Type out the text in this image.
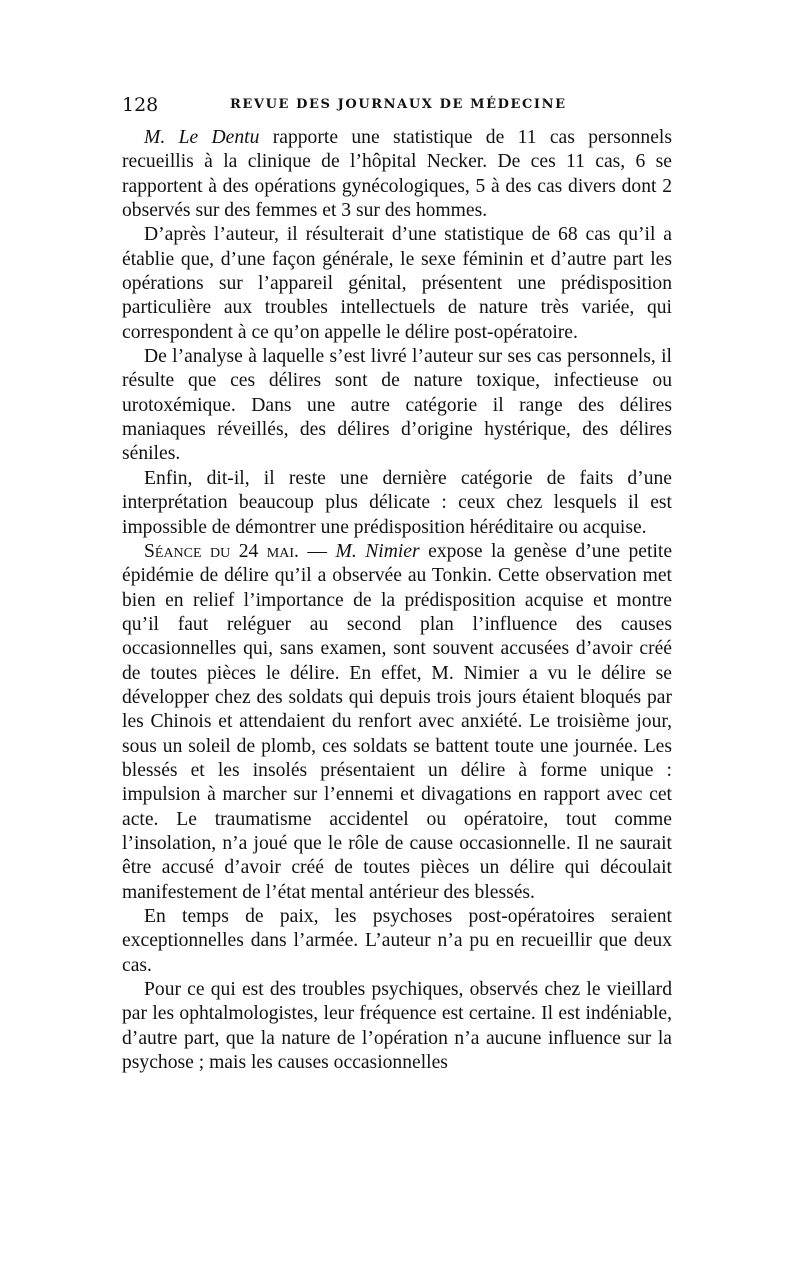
128	REVUE DES JOURNAUX DE MÉDECINE

M. Le Dentu rapporte une statistique de 11 cas personnels recueillis à la clinique de l’hôpital Necker. De ces 11 cas, 6 se rapportent à des opérations gynécologiques, 5 à des cas divers dont 2 observés sur des femmes et 3 sur des hommes.

D’après l’auteur, il résulterait d’une statistique de 68 cas qu’il a établie que, d’une façon générale, le sexe féminin et d’autre part les opérations sur l’appareil génital, présentent une prédisposition particulière aux troubles intellectuels de nature très variée, qui correspondent à ce qu’on appelle le délire post-opératoire.

De l’analyse à laquelle s’est livré l’auteur sur ses cas personnels, il résulte que ces délires sont de nature toxique, infectieuse ou urotoxémique. Dans une autre catégorie il range des délires maniaques réveillés, des délires d’origine hystérique, des délires séniles.

Enfin, dit-il, il reste une dernière catégorie de faits d’une interprétation beaucoup plus délicate : ceux chez lesquels il est impossible de démontrer une prédisposition héréditaire ou acquise.

Séance du 24 mai. — M. Nimier expose la genèse d’une petite épidémie de délire qu’il a observée au Tonkin. Cette observation met bien en relief l’importance de la prédisposition acquise et montre qu’il faut reléguer au second plan l’influence des causes occasionnelles qui, sans examen, sont souvent accusées d’avoir créé de toutes pièces le délire. En effet, M. Nimier a vu le délire se développer chez des soldats qui depuis trois jours étaient bloqués par les Chinois et attendaient du renfort avec anxiété. Le troisième jour, sous un soleil de plomb, ces soldats se battent toute une journée. Les blessés et les insolés présentaient un délire à forme unique : impulsion à marcher sur l’ennemi et divagations en rapport avec cet acte. Le traumatisme accidentel ou opératoire, tout comme l’insolation, n’a joué que le rôle de cause occasionnelle. Il ne saurait être accusé d’avoir créé de toutes pièces un délire qui découlait manifestement de l’état mental antérieur des blessés.

En temps de paix, les psychoses post-opératoires seraient exceptionnelles dans l’armée. L’auteur n’a pu en recueillir que deux cas.

Pour ce qui est des troubles psychiques, observés chez le vieillard par les ophtalmologistes, leur fréquence est certaine. Il est indéniable, d’autre part, que la nature de l’opération n’a aucune influence sur la psychose ; mais les causes occasionnelles
